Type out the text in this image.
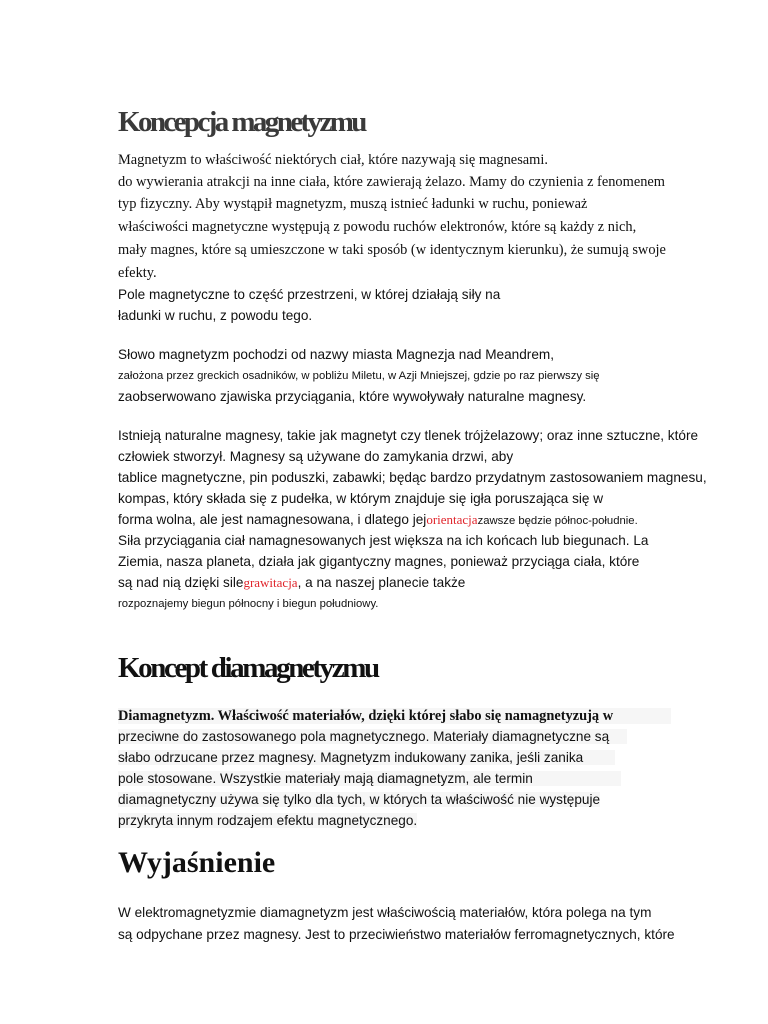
Koncepcja magnetyzmu

Magnetyzm to właściwość niektórych ciał, które nazywają się magnesami.

do wywierania atrakcji na inne ciała, które zawierają żelazo. Mamy do czynienia z fenomenem

typ fizyczny. Aby wystąpił magnetyzm, muszą istnieć ładunki w ruchu, ponieważ

właściwości magnetyczne występują z powodu ruchów elektronów, które są każdy z nich,

mały magnes, które są umieszczone w taki sposób (w identycznym kierunku), że sumują swoje

efekty.

Pole magnetyczne to część przestrzeni, w której działają siły na

ładunki w ruchu, z powodu tego.

Słowo magnetyzm pochodzi od nazwy miasta Magnezja nad Meandrem,

założona przez greckich osadników, w pobliżu Miletu, w Azji Mniejszej, gdzie po raz pierwszy się

zaobserwowano zjawiska przyciągania, które wywoływały naturalne magnesy.

Istnieją naturalne magnesy, takie jak magnetyt czy tlenek trójżelazowy; oraz inne sztuczne, które

człowiek stworzył. Magnesy są używane do zamykania drzwi, aby

tablice magnetyczne, pin poduszki, zabawki; będąc bardzo przydatnym zastosowaniem magnesu,

kompas, który składa się z pudełka, w którym znajduje się igła poruszająca się w

forma wolna, ale jest namagnesowana, i dlatego jejorientacjazawsze będzie północ-południe.

Siła przyciągania ciał namagnesowanych jest większa na ich końcach lub biegunach. La

Ziemia, nasza planeta, działa jak gigantyczny magnes, ponieważ przyciąga ciała, które

są nad nią dzięki silegrawitacja, a na naszej planecie także

rozpoznajemy biegun północny i biegun południowy.

Koncept diamagnetyzmu

Diamagnetyzm. Właściwość materiałów, dzięki której słabo się namagnetyzują w

przeciwne do zastosowanego pola magnetycznego. Materiały diamagnetyczne są

słabo odrzucane przez magnesy. Magnetyzm indukowany zanika, jeśli zanika

pole stosowane. Wszystkie materiały mają diamagnetyzm, ale termin

diamagnetyczny używa się tylko dla tych, w których ta właściwość nie występuje

przykryta innym rodzajem efektu magnetycznego.

Wyjaśnienie

W elektromagnetyzmie diamagnetyzm jest właściwością materiałów, która polega na tym

są odpychane przez magnesy. Jest to przeciwieństwo materiałów ferromagnetycznych, które
